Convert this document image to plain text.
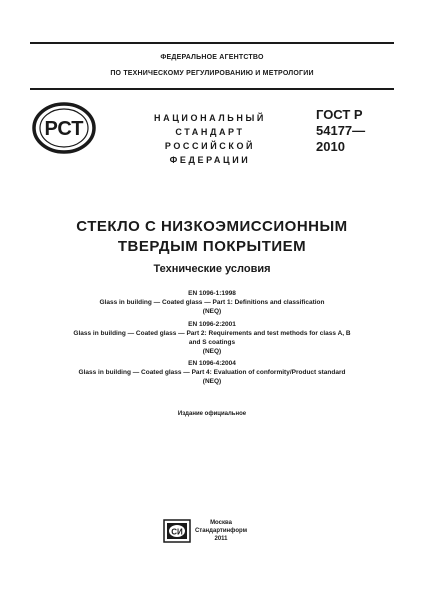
ФЕДЕРАЛЬНОЕ АГЕНТСТВО
ПО ТЕХНИЧЕСКОМУ РЕГУЛИРОВАНИЮ И МЕТРОЛОГИИ
РСТ	НАЦИОНАЛЬНЫЙ
СТАНДАРТ
РОССИЙСКОЙ
ФЕДЕРАЦИИ
ГОСТ Р
54177—
2010
СТЕКЛО С НИЗКОЭМИССИОННЫМ
ТВЕРДЫМ ПОКРЫТИЕМ
Технические условия
EN 1096-1:1998
Glass in building — Coated glass — Part 1: Definitions and classification
(NEQ)
EN 1096-2:2001
Glass in building — Coated glass — Part 2: Requirements and test methods for class A, B
and S coatings
(NEQ)
EN 1096-4:2004
Glass in building — Coated glass — Part 4: Evaluation of conformity/Product standard
(NEQ)
Издание официальное
СИ
Москва
Стандартинформ
2011
